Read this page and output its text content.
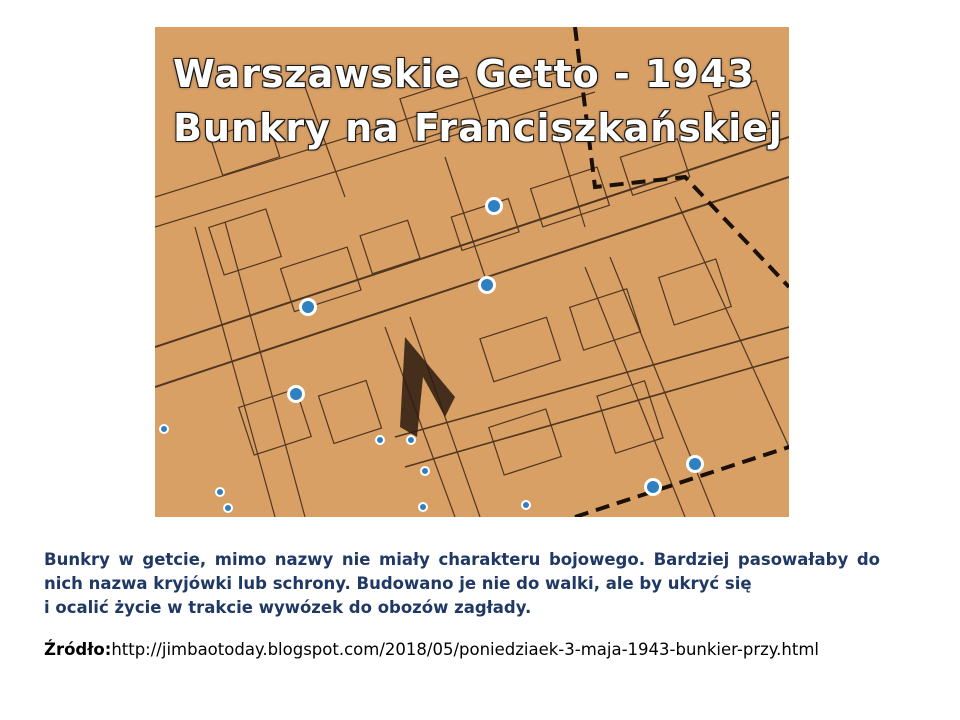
Warszawskie Getto - 1943
Bunkry na Franciszkańskiej
Bunkry w getcie, mimo nazwy nie miały charakteru bojowego. Bardziej pasowałaby do nich nazwa kryjówki lub schrony. Budowano je nie do walki, ale by ukryć się
i ocalić życie w trakcie wywózek do obozów zagłady.
Źródło:http://jimbaotoday.blogspot.com/2018/05/poniedziaek-3-maja-1943-bunkier-przy.html
